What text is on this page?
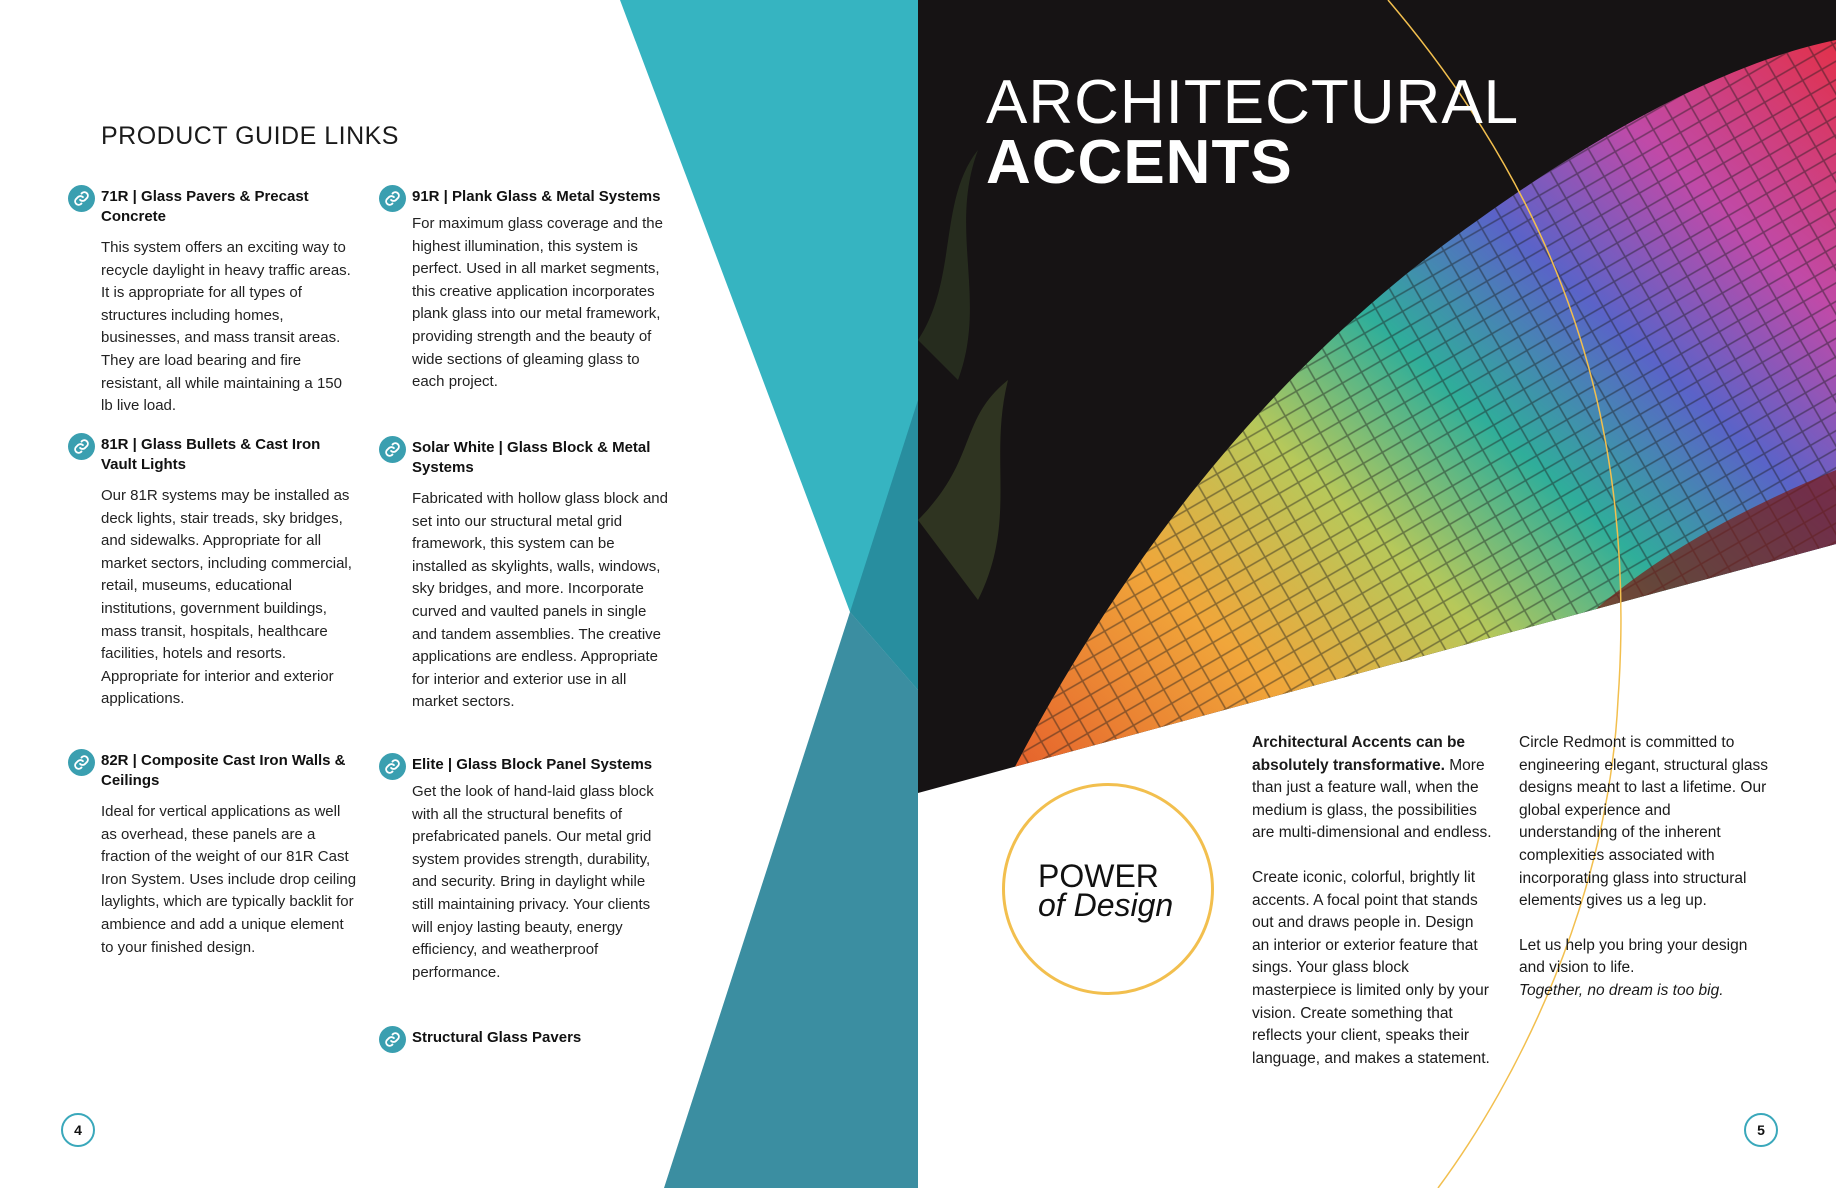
PRODUCT GUIDE LINKS
71R | Glass Pavers & Precast Concrete
This system offers an exciting way to recycle daylight in heavy traffic areas. It is appropriate for all types of structures including homes, businesses, and mass transit areas. They are load bearing and fire resistant, all while maintaining a 150 lb live load.
81R | Glass Bullets & Cast Iron Vault Lights
Our 81R systems may be installed as deck lights, stair treads, sky bridges, and sidewalks. Appropriate for all market sectors, including commercial, retail, museums, educational institutions, government buildings, mass transit, hospitals, healthcare facilities, hotels and resorts. Appropriate for interior and exterior applications.
82R | Composite Cast Iron Walls & Ceilings
Ideal for vertical applications as well as overhead, these panels are a fraction of the weight of our 81R Cast Iron System. Uses include drop ceiling laylights, which are typically backlit for ambience and add a unique element to your finished design.
91R | Plank Glass & Metal Systems
For maximum glass coverage and the highest illumination, this system is perfect. Used in all market segments, this creative application incorporates plank glass into our metal framework, providing strength and the beauty of wide sections of gleaming glass to each project.
Solar White | Glass Block & Metal Systems
Fabricated with hollow glass block and set into our structural metal grid framework, this system can be installed as skylights, walls, windows, sky bridges, and more. Incorporate curved and vaulted panels in single and tandem assemblies. The creative applications are endless. Appropriate for interior and exterior use in all market sectors.
Elite | Glass Block Panel Systems
Get the look of hand-laid glass block with all the structural benefits of prefabricated panels. Our metal grid system provides strength, durability, and security. Bring in daylight while still maintaining privacy. Your clients will enjoy lasting beauty, energy efficiency, and weatherproof performance.
Structural Glass Pavers
4
ARCHITECTURAL
ACCENTS
POWER
of Design
Architectural Accents can be absolutely transformative. More than just a feature wall, when the medium is glass, the possibilities are multi-dimensional and endless.
Create iconic, colorful, brightly lit accents. A focal point that stands out and draws people in. Design an interior or exterior feature that sings. Your glass block masterpiece is limited only by your vision. Create something that reflects your client, speaks their language, and makes a statement.
Circle Redmont is committed to engineering elegant, structural glass designs meant to last a lifetime. Our global experience and understanding of the inherent complexities associated with incorporating glass into structural elements gives us a leg up.
Let us help you bring your design and vision to life.
Together, no dream is too big.
5
